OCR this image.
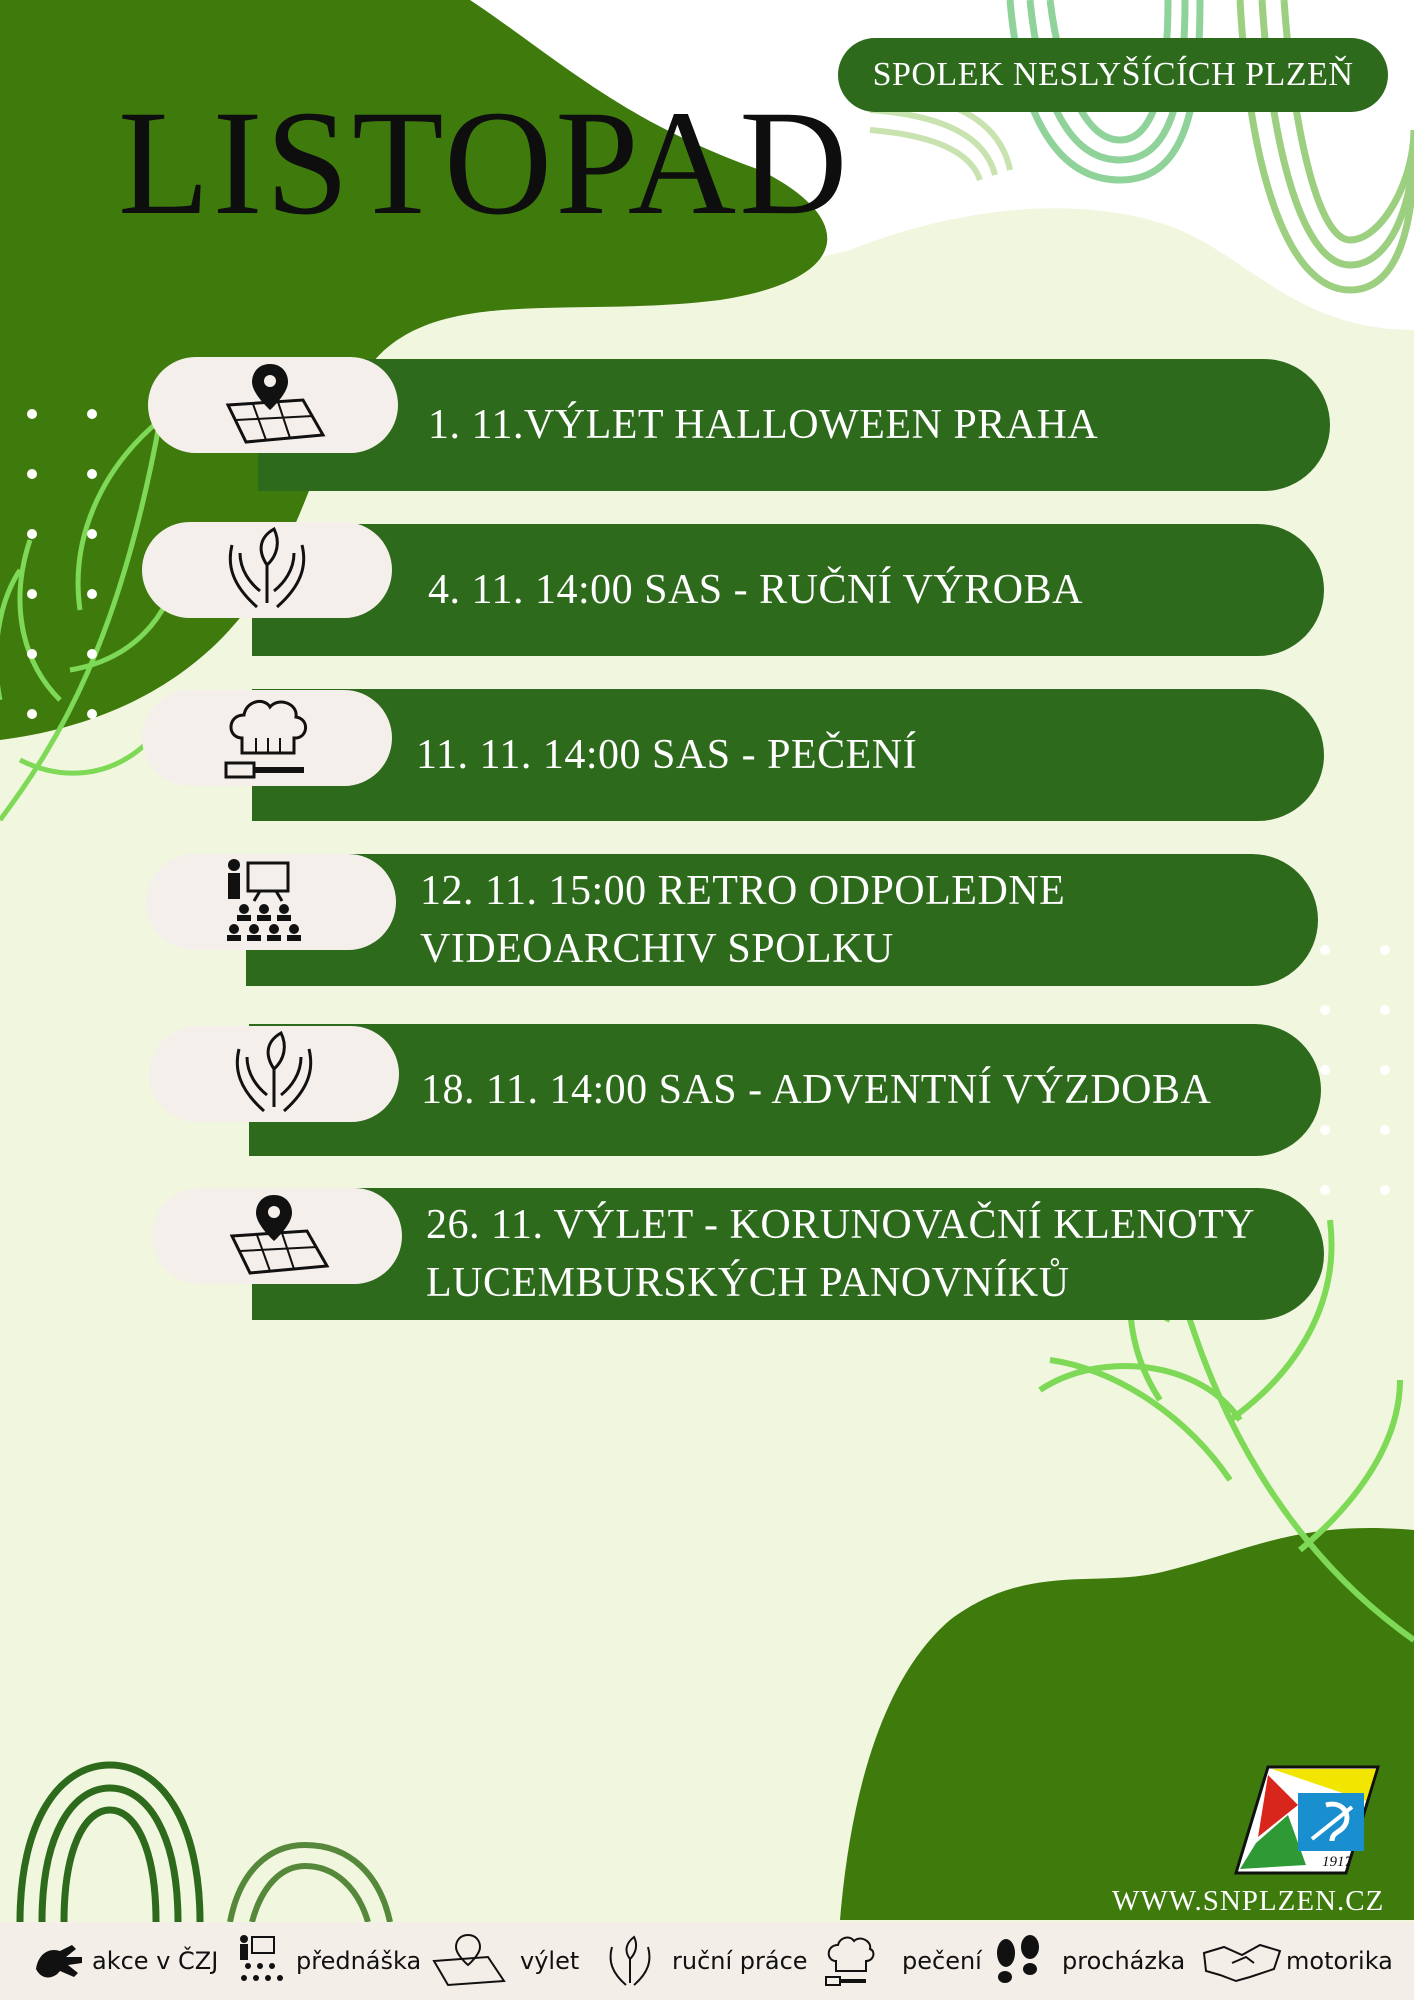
SPOLEK NESLYŠÍCÍCH PLZEŇ
LISTOPAD
1. 11.VÝLET HALLOWEEN PRAHA
4. 11. 14:00 SAS - RUČNÍ VÝROBA
11. 11. 14:00 SAS - PEČENÍ
12. 11. 15:00 RETRO ODPOLEDNE
VIDEOARCHIV SPOLKU
18. 11. 14:00 SAS - ADVENTNÍ VÝZDOBA
26. 11. VÝLET - KORUNOVAČNÍ KLENOTY
LUCEMBURSKÝCH PANOVNÍKŮ
1917
WWW.SNPLZEN.CZ
akce v ČZJ	přednáška	výlet	ruční práce	pečení	procházka	motorika
